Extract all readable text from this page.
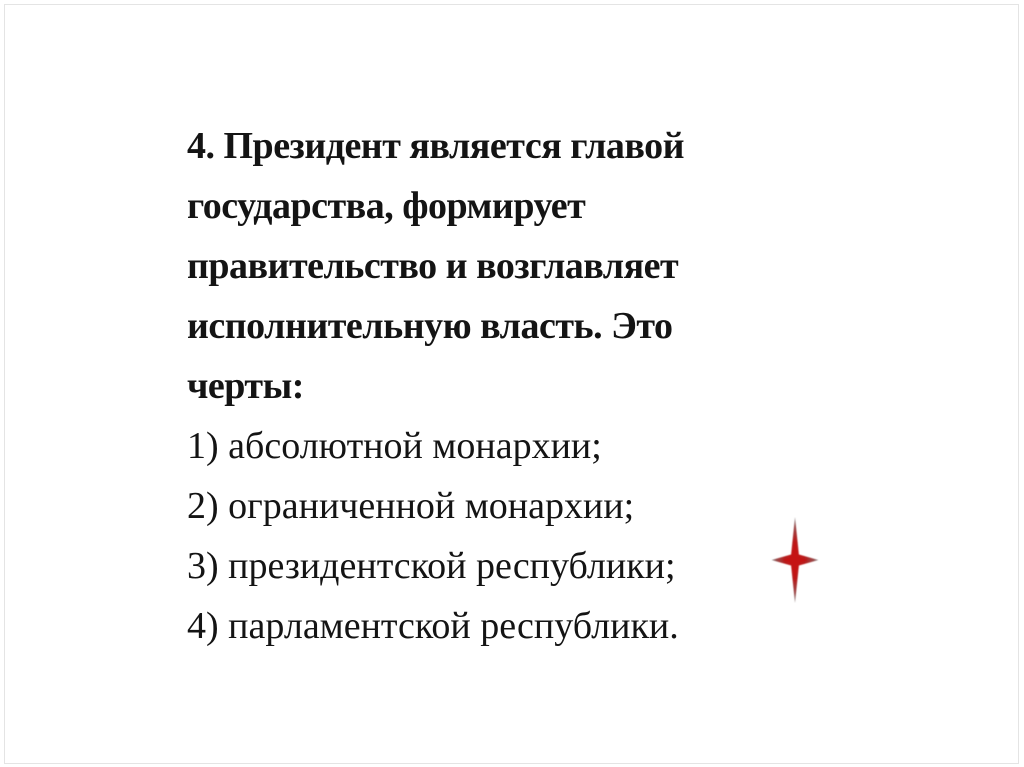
4. Президент является главой
государства, формирует
правительство и возглавляет
исполнительную власть. Это
черты:
1) абсолютной монархии;
2) ограниченной монархии;
3) президентской республики;
4) парламентской республики.
